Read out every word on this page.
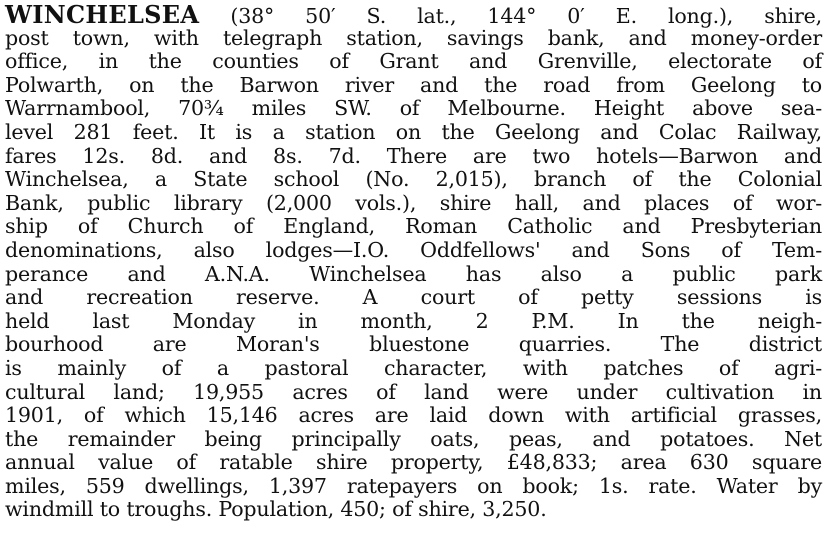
WINCHELSEA (38° 50′ S. lat., 144° 0′ E. long.), shire,
post town, with telegraph station, savings bank, and money-order
office, in the counties of Grant and Grenville, electorate of
Polwarth, on the Barwon river and the road from Geelong to
Warrnambool, 70¾ miles SW. of Melbourne. Height above sea-
level 281 feet. It is a station on the Geelong and Colac Railway,
fares 12s. 8d. and 8s. 7d. There are two hotels—Barwon and
Winchelsea, a State school (No. 2,015), branch of the Colonial
Bank, public library (2,000 vols.), shire hall, and places of wor-
ship of Church of England, Roman Catholic and Presbyterian
denominations, also lodges—I.O. Oddfellows' and Sons of Tem-
perance and A.N.A. Winchelsea has also a public park
and recreation reserve. A court of petty sessions is
held last Monday in month, 2 P.M. In the neigh-
bourhood are Moran's bluestone quarries. The district
is mainly of a pastoral character, with patches of agri-
cultural land; 19,955 acres of land were under cultivation in
1901, of which 15,146 acres are laid down with artificial grasses,
the remainder being principally oats, peas, and potatoes. Net
annual value of ratable shire property, £48,833; area 630 square
miles, 559 dwellings, 1,397 ratepayers on book; 1s. rate. Water by
windmill to troughs. Population, 450; of shire, 3,250.
